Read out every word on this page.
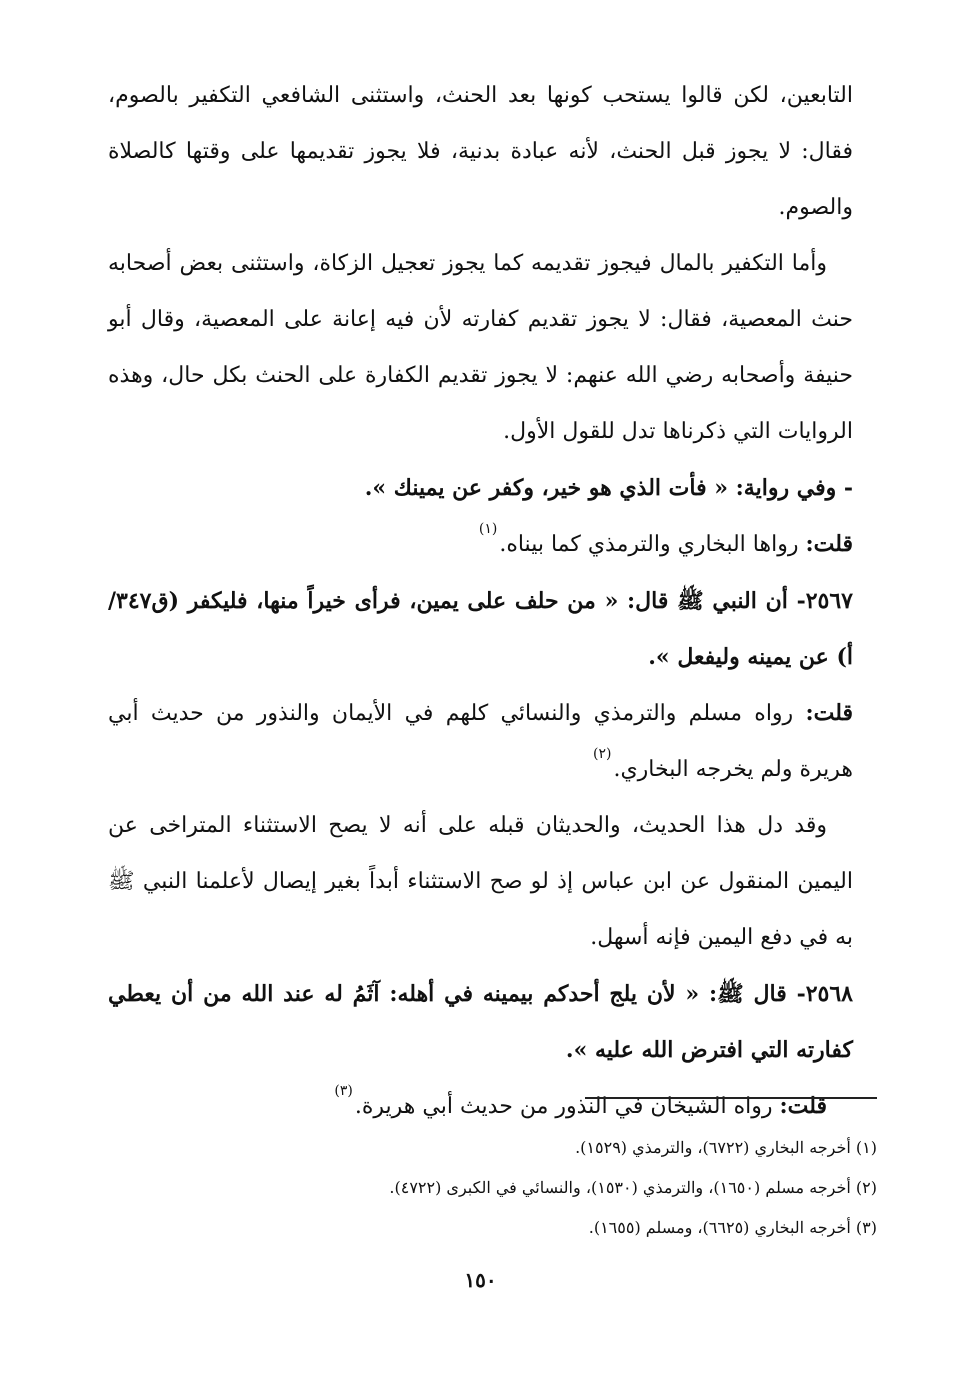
التابعين، لكن قالوا يستحب كونها بعد الحنث، واستثنى الشافعي التكفير بالصوم، فقال: لا يجوز قبل الحنث، لأنه عبادة بدنية، فلا يجوز تقديمها على وقتها كالصلاة والصوم.

وأما التكفير بالمال فيجوز تقديمه كما يجوز تعجيل الزكاة، واستثنى بعض أصحابه حنث المعصية، فقال: لا يجوز تقديم كفارته لأن فيه إعانة على المعصية، وقال أبو حنيفة وأصحابه رضي الله عنهم: لا يجوز تقديم الكفارة على الحنث بكل حال، وهذه الروايات التي ذكرناها تدل للقول الأول.

- وفي رواية: « فأت الذي هو خير، وكفر عن يمينك ».

قلت: رواها البخاري والترمذي كما بيناه.$^{(١)}$

٢٥٦٧- أن النبي ﷺ قال: « من حلف على يمين، فرأى خيراً منها، فليكفر (ق٣٤٧/أ) عن يمينه وليفعل ».

قلت: رواه مسلم والترمذي والنسائي كلهم في الأيمان والنذور من حديث أبي هريرة ولم يخرجه البخاري.$^{(٢)}$

وقد دل هذا الحديث، والحديثان قبله على أنه لا يصح الاستثناء المتراخى عن اليمين المنقول عن ابن عباس إذ لو صح الاستثناء أبداً بغير إيصال لأعلمنا النبي ﷺ به في دفع اليمين فإنه أسهل.

٢٥٦٨- قال ﷺ: « لأن يلج أحدكم بيمينه في أهله: آثَمُ له عند الله من أن يعطي كفارته التي افترض الله عليه ».

قلت: رواه الشيخان في النذور من حديث أبي هريرة.$^{(٣)}$

(١) أخرجه البخاري (٦٧٢٢)، والترمذي (١٥٢٩).

(٢) أخرجه مسلم (١٦٥٠)، والترمذي (١٥٣٠)، والنسائي في الكبرى (٤٧٢٢).

(٣) أخرجه البخاري (٦٦٢٥)، ومسلم (١٦٥٥).

١٥٠
